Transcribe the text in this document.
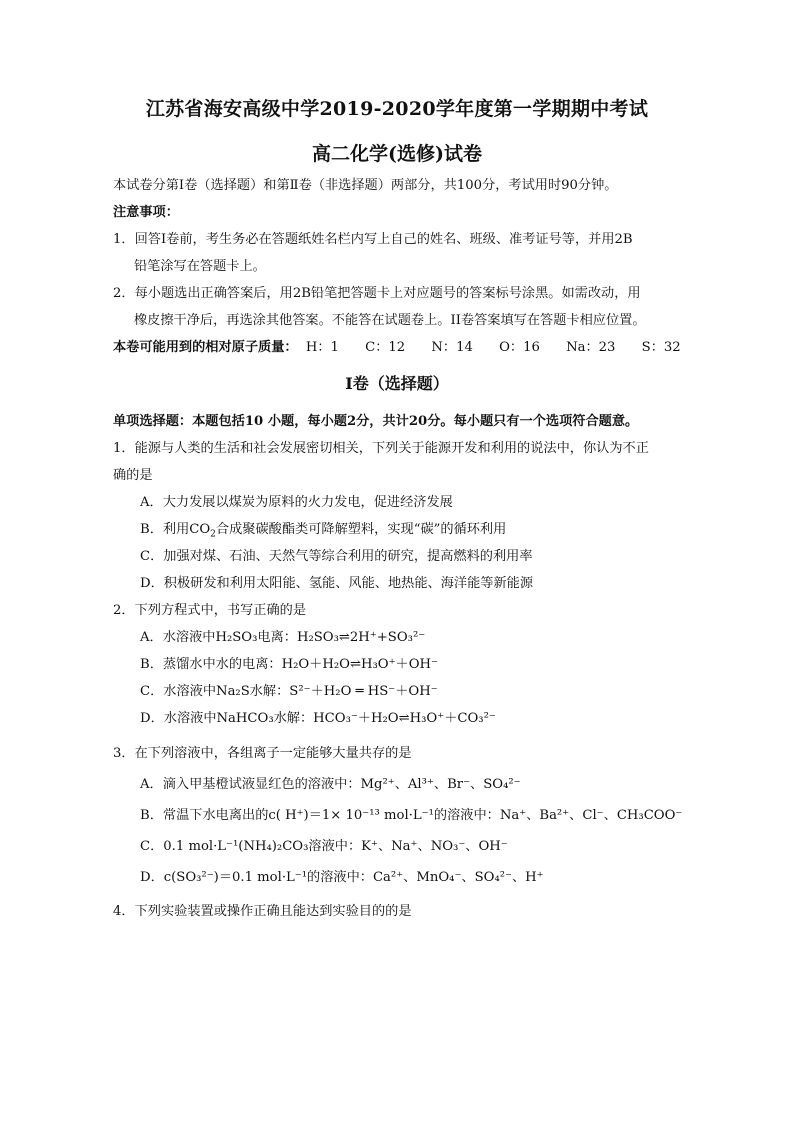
江苏省海安高级中学2019-2020学年度第一学期期中考试
高二化学(选修)试卷
本试卷分第Ⅰ卷（选择题）和第Ⅱ卷（非选择题）两部分，共100分，考试用时90分钟。
注意事项：
1．回答Ⅰ卷前，考生务必在答题纸姓名栏内写上自己的姓名、班级、准考证号等，并用2B
铅笔涂写在答题卡上。
2．每小题选出正确答案后，用2B铅笔把答题卡上对应题号的答案标号涂黑。如需改动，用
橡皮擦干净后，再选涂其他答案。不能答在试题卷上。II卷答案填写在答题卡相应位置。
本卷可能用到的相对原子质量： H：1 C：12 N：14 O：16 Na：23 S：32
Ⅰ卷（选择题）
单项选择题：本题包括10 小题，每小题2分，共计20分。每小题只有一个选项符合题意。
1．能源与人类的生活和社会发展密切相关，下列关于能源开发和利用的说法中，你认为不正
确的是
A．大力发展以煤炭为原料的火力发电，促进经济发展
B．利用$CO_2$合成聚碳酸酯类可降解塑料，实现“碳”的循环利用
C．加强对煤、石油、天然气等综合利用的研究，提高燃料的利用率
D．积极研发和利用太阳能、氢能、风能、地热能、海洋能等新能源
2．下列方程式中，书写正确的是
A．水溶液中H₂SO₃电离：H₂SO₃⇌2H⁺+SO₃²⁻
B．蒸馏水中水的电离：H₂O＋H₂O⇌H₃O⁺＋OH⁻
C．水溶液中Na₂S水解：S²⁻＋H₂O ═ HS⁻＋OH⁻
D．水溶液中NaHCO₃水解：HCO₃⁻＋H₂O⇌H₃O⁺＋CO₃²⁻
3．在下列溶液中，各组离子一定能够大量共存的是
A．滴入甲基橙试液显红色的溶液中：Mg²⁺、Al³⁺、Br⁻、SO₄²⁻
B．常温下水电离出的c( H⁺)＝1× 10⁻¹³ mol·L⁻¹的溶液中：Na⁺、Ba²⁺、Cl⁻、CH₃COO⁻
C．0.1 mol·L⁻¹(NH₄)₂CO₃溶液中：K⁺、Na⁺、NO₃⁻、OH⁻
D．c(SO₃²⁻)＝0.1 mol·L⁻¹的溶液中：Ca²⁺、MnO₄⁻、SO₄²⁻、H⁺
4．下列实验装置或操作正确且能达到实验目的的是
